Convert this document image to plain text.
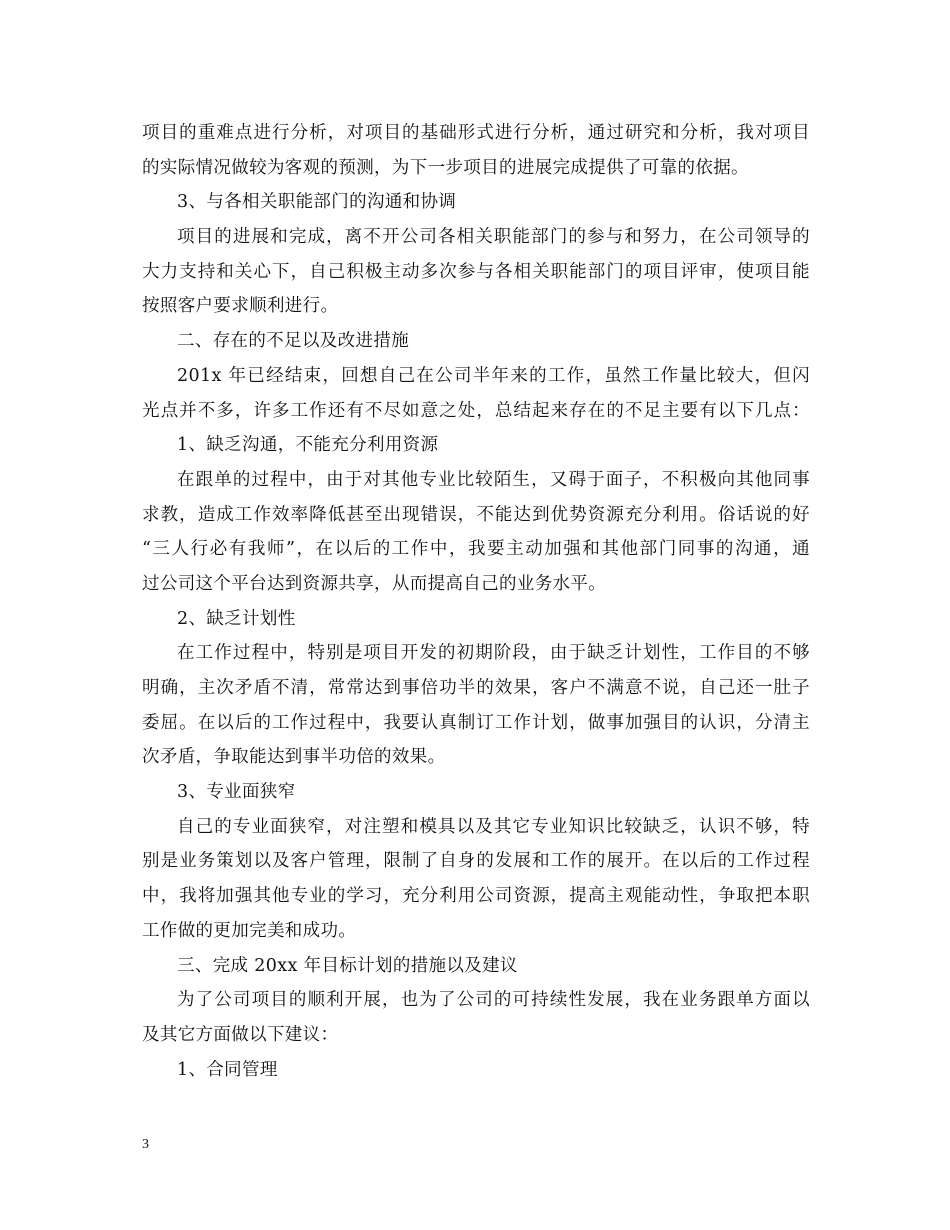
项目的重难点进行分析，对项目的基础形式进行分析，通过研究和分析，我对项目
的实际情况做较为客观的预测，为下一步项目的进展完成提供了可靠的依据。
3、与各相关职能部门的沟通和协调
项目的进展和完成，离不开公司各相关职能部门的参与和努力，在公司领导的
大力支持和关心下，自己积极主动多次参与各相关职能部门的项目评审，使项目能
按照客户要求顺利进行。
二、存在的不足以及改进措施
201x 年已经结束，回想自己在公司半年来的工作，虽然工作量比较大，但闪
光点并不多，许多工作还有不尽如意之处，总结起来存在的不足主要有以下几点：
1、缺乏沟通，不能充分利用资源
在跟单的过程中，由于对其他专业比较陌生，又碍于面子，不积极向其他同事
求教，造成工作效率降低甚至出现错误，不能达到优势资源充分利用。俗话说的好
“三人行必有我师”，在以后的工作中，我要主动加强和其他部门同事的沟通，通
过公司这个平台达到资源共享，从而提高自己的业务水平。
2、缺乏计划性
在工作过程中，特别是项目开发的初期阶段，由于缺乏计划性，工作目的不够
明确，主次矛盾不清，常常达到事倍功半的效果，客户不满意不说，自己还一肚子
委屈。在以后的工作过程中，我要认真制订工作计划，做事加强目的认识，分清主
次矛盾，争取能达到事半功倍的效果。
3、专业面狭窄
自己的专业面狭窄，对注塑和模具以及其它专业知识比较缺乏，认识不够，特
别是业务策划以及客户管理，限制了自身的发展和工作的展开。在以后的工作过程
中，我将加强其他专业的学习，充分利用公司资源，提高主观能动性，争取把本职
工作做的更加完美和成功。
三、完成 20xx 年目标计划的措施以及建议
为了公司项目的顺利开展，也为了公司的可持续性发展，我在业务跟单方面以
及其它方面做以下建议：
1、合同管理
3
